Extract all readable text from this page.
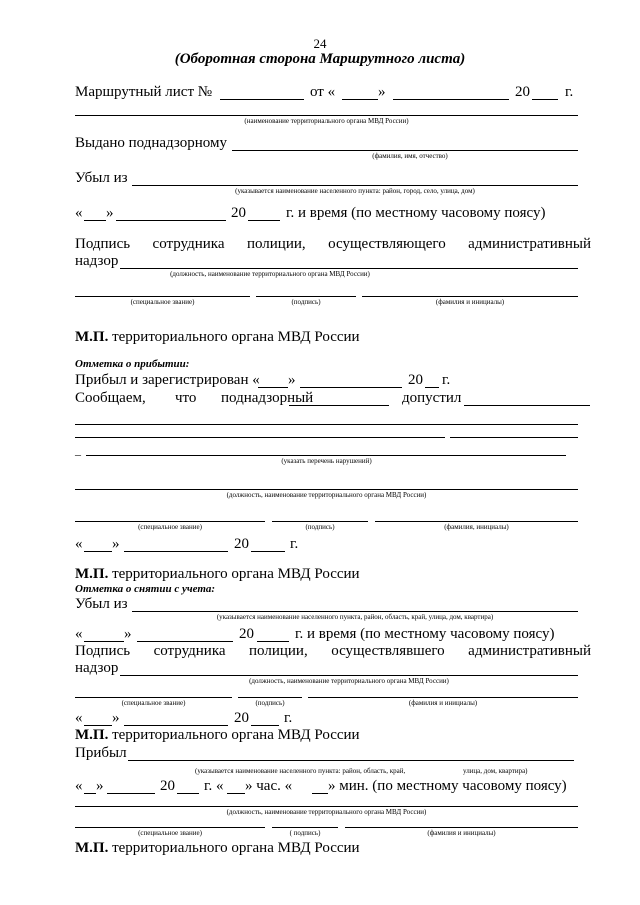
24
(Оборотная сторона Маршрутного листа)
Маршрутный лист №	от «	»	20 г.
(наименование территориального органа МВД России)
Выдано поднадзорному
(фамилия, имя, отчество)
Убыл из
(указывается наименование населенного пункта: район, город, село, улица, дом)
« »	20	г. и время (по местному часовому поясу)
Подпись сотрудника полиции, осуществляющего административный
надзор
(должность, наименование территориального органа МВД России)
(специальное звание)	(подпись)	(фамилия и инициалы)
М.П. территориального органа МВД России
Отметка о прибытии:
Прибыл и зарегистрирован « »	20 г.
Сообщаем, что поднадзорный	допустил
–	(указать перечень нарушений)
(должность, наименование территориального органа МВД России)
(специальное звание)	(подпись)	(фамилия, инициалы)
« »	20	г.
М.П. территориального органа МВД России
Отметка о снятии с учета:
Убыл из
(указывается наименование населенного пункта, район, область, край, улица, дом, квартира)
«	»	20	г. и время (по местному часовому поясу)
Подпись сотрудника полиции, осуществлявшего административный
надзор
(должность, наименование территориального органа МВД России)
(специальное звание)	(подпись)	(фамилия и инициалы)
« »	20 г.
М.П. территориального органа МВД России
Прибыл
(указывается наименование населенного пункта: район, область, край,	улица, дом, квартира)
« »	20 г. « » час. « » мин. (по местному часовому поясу)
(должность, наименование территориального органа МВД России)
(специальное звание)	( подпись)	(фамилия и инициалы)
М.П. территориального органа МВД России
